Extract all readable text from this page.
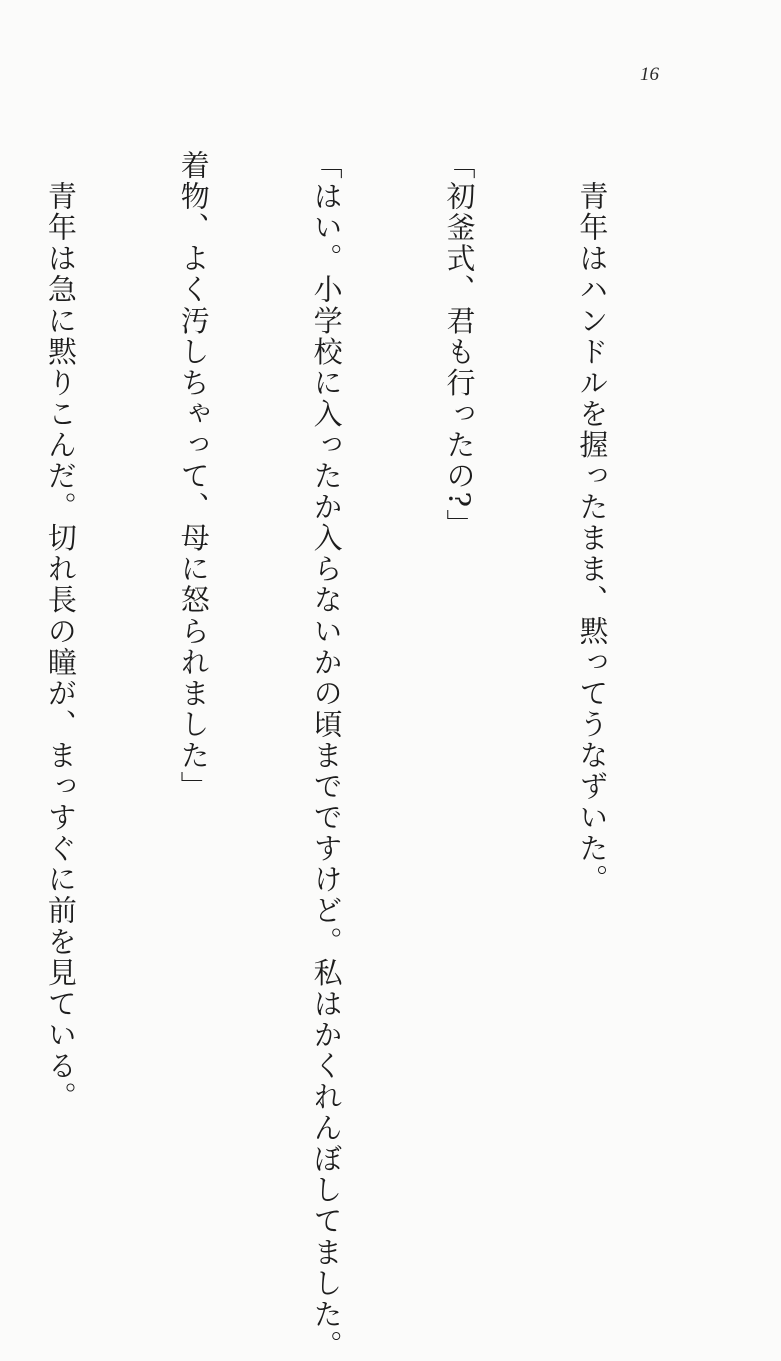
16

　青年はハンドルを握ったまま、黙ってうなずいた。

「初釜式、君も行ったの?」

「はい。小学校に入ったか入らないかの頃までですけど。私はかくれんぼしてました。

着物、よく汚しちゃって、母に怒られました」

　青年は急に黙りこんだ。切れ長の瞳が、まっすぐに前を見ている。
